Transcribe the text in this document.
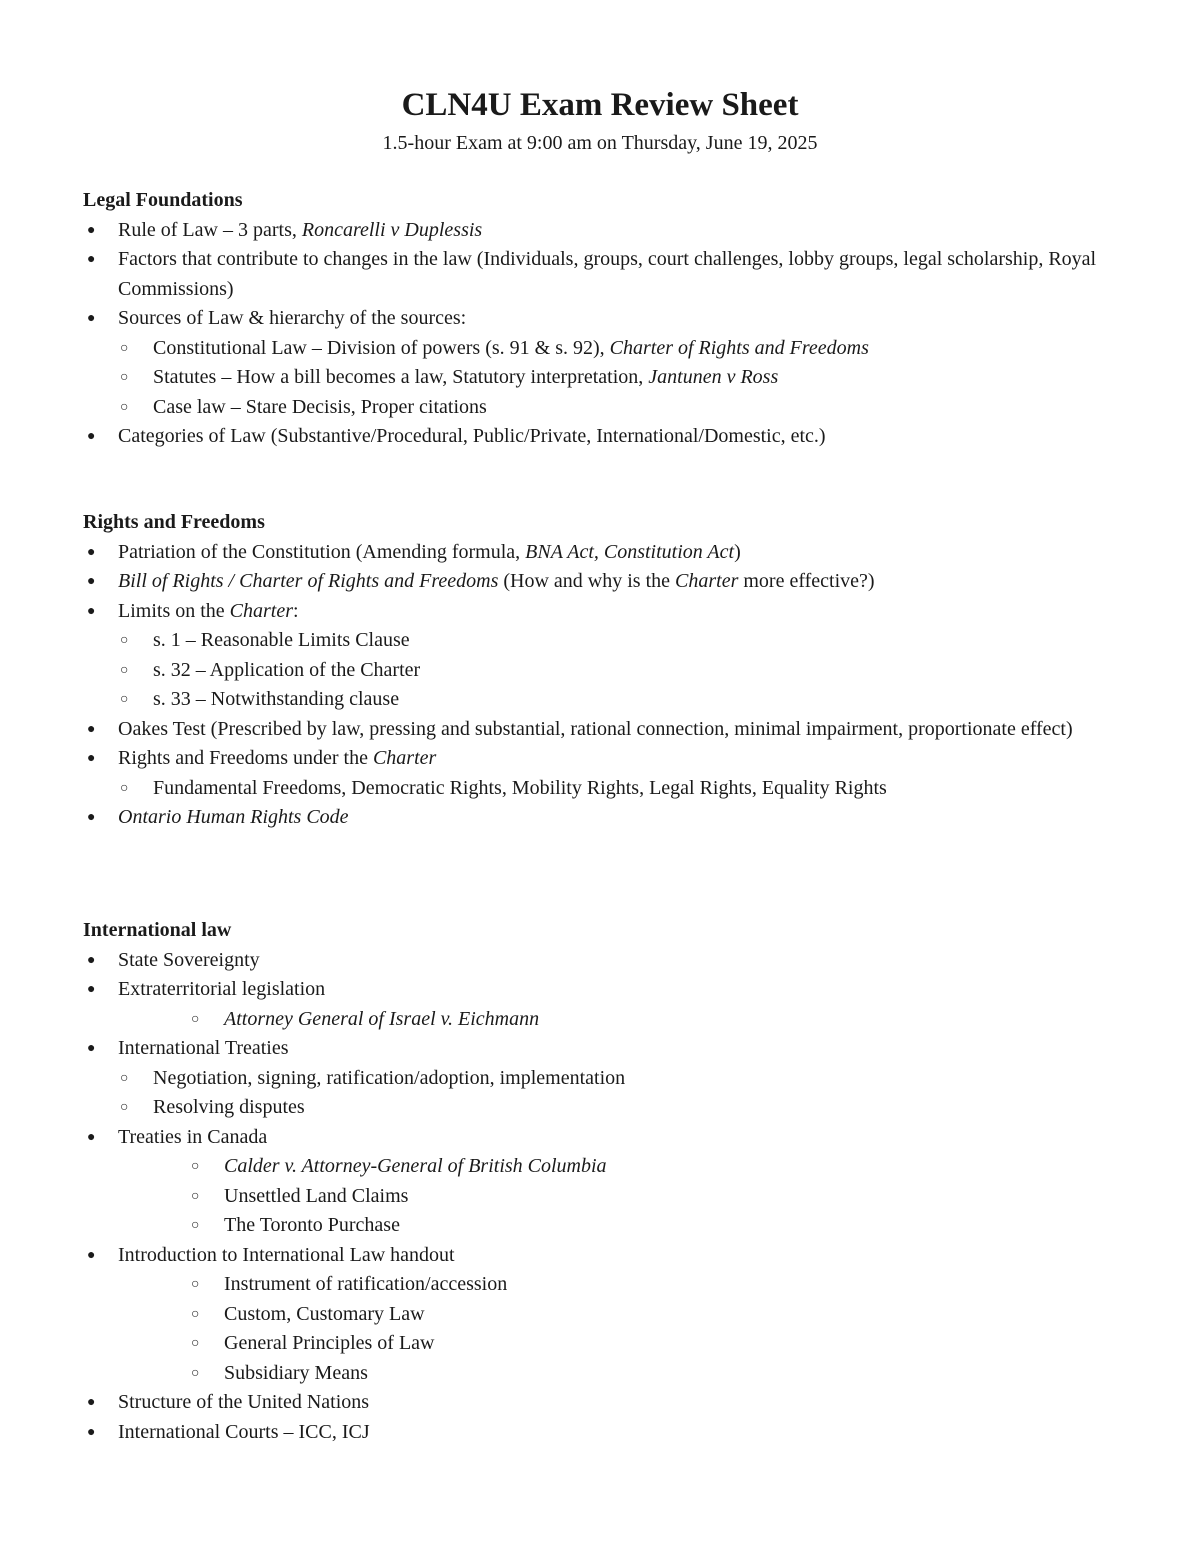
CLN4U Exam Review Sheet
1.5-hour Exam at 9:00 am on Thursday, June 19, 2025
Legal Foundations
● Rule of Law – 3 parts, Roncarelli v Duplessis
● Factors that contribute to changes in the law (Individuals, groups, court challenges, lobby groups, legal scholarship, Royal Commissions)
● Sources of Law & hierarchy of the sources:
○ Constitutional Law – Division of powers (s. 91 & s. 92), Charter of Rights and Freedoms
○ Statutes – How a bill becomes a law, Statutory interpretation, Jantunen v Ross
○ Case law – Stare Decisis, Proper citations
● Categories of Law (Substantive/Procedural, Public/Private, International/Domestic, etc.)
Rights and Freedoms
● Patriation of the Constitution (Amending formula, BNA Act, Constitution Act)
● Bill of Rights / Charter of Rights and Freedoms (How and why is the Charter more effective?)
● Limits on the Charter:
○ s. 1 – Reasonable Limits Clause
○ s. 32 – Application of the Charter
○ s. 33 – Notwithstanding clause
● Oakes Test (Prescribed by law, pressing and substantial, rational connection, minimal impairment, proportionate effect)
● Rights and Freedoms under the Charter
○ Fundamental Freedoms, Democratic Rights, Mobility Rights, Legal Rights, Equality Rights
● Ontario Human Rights Code
International law
● State Sovereignty
● Extraterritorial legislation
○ Attorney General of Israel v. Eichmann
● International Treaties
○ Negotiation, signing, ratification/adoption, implementation
○ Resolving disputes
● Treaties in Canada
○ Calder v. Attorney-General of British Columbia
○ Unsettled Land Claims
○ The Toronto Purchase
● Introduction to International Law handout
○ Instrument of ratification/accession
○ Custom, Customary Law
○ General Principles of Law
○ Subsidiary Means
● Structure of the United Nations
● International Courts – ICC, ICJ
